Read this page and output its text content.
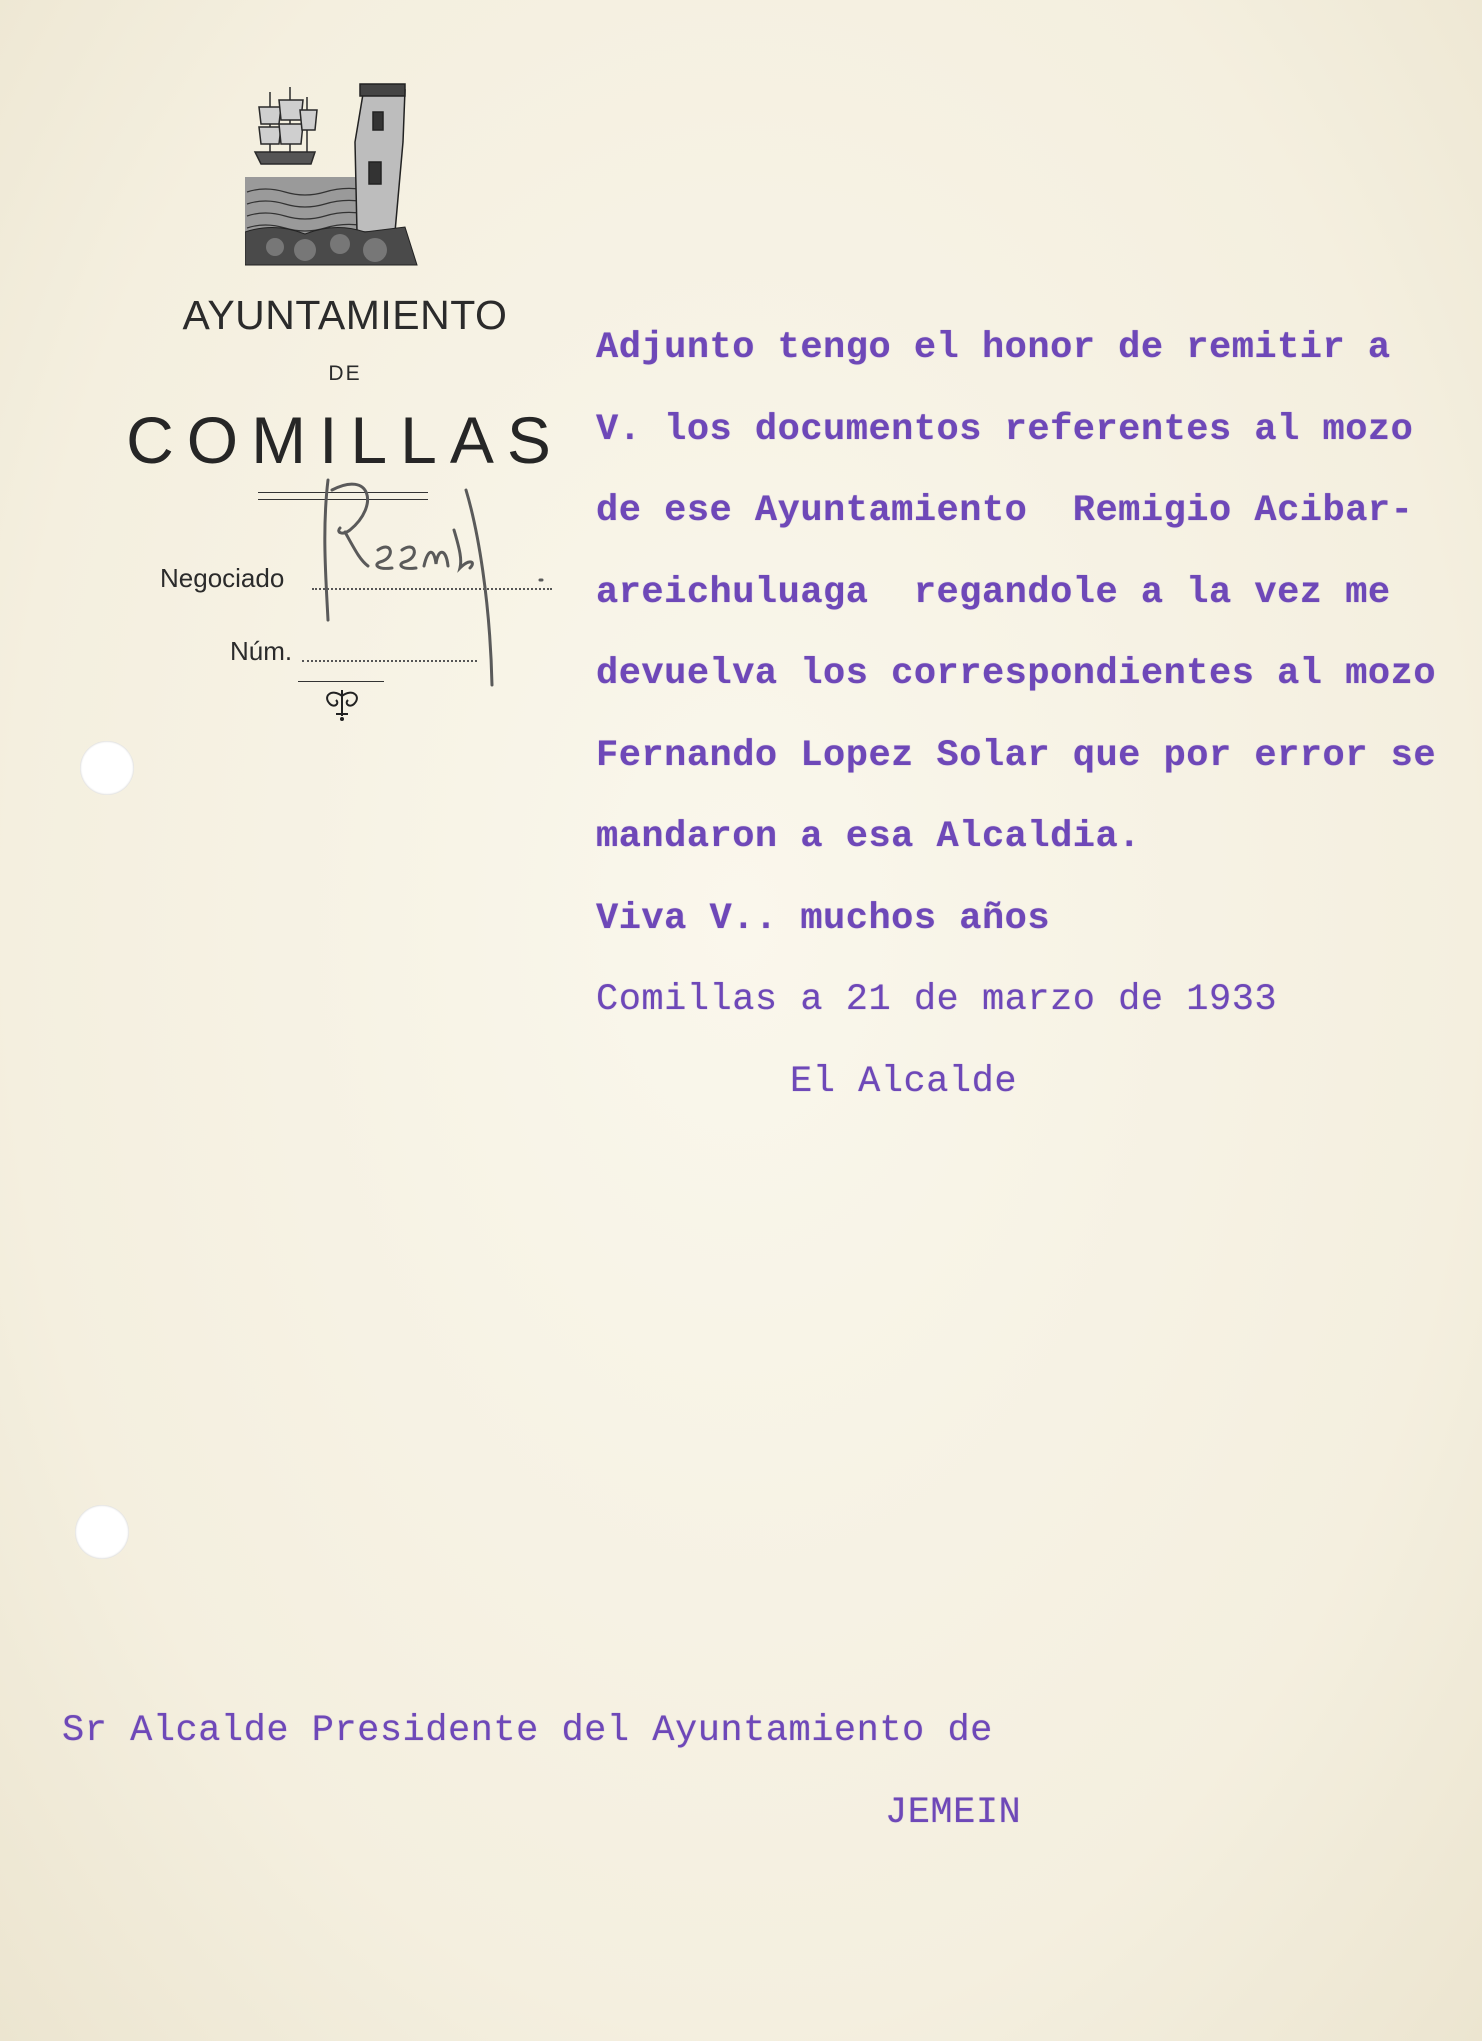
AYUNTAMIENTO
DE
COMILLAS
Negociado
Núm.
Adjunto tengo el honor de remitir a
V. los documentos referentes al mozo
de ese Ayuntamiento  Remigio Acibar-
areichuluaga  regandole a la vez me
devuelva los correspondientes al mozo
Fernando Lopez Solar que por error se
mandaron a esa Alcaldia.
Viva V.. muchos años
Comillas a 21 de marzo de 1933
El Alcalde
Sr Alcalde Presidente del Ayuntamiento de
JEMEIN
